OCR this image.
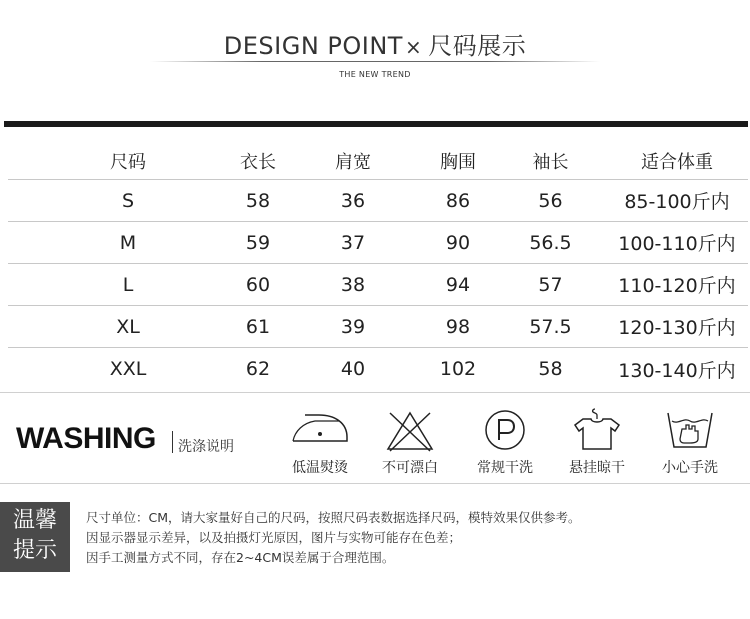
DESIGN POINT × 尺码展示
THE NEW TREND
尺码	衣长	肩宽	胸围	袖长	适合体重
S	58	36	86	56	85-100斤内
M	59	37	90	56.5	100-110斤内
L	60	38	94	57	110-120斤内
XL	61	39	98	57.5	120-130斤内
XXL	62	40	102	58	130-140斤内
WASHING 洗涤说明
低温熨烫	不可漂白	常规干洗	悬挂晾干	小心手洗
温馨
提示
尺寸单位：CM，请大家量好自己的尺码，按照尺码表数据选择尺码，模特效果仅供参考。
因显示器显示差异，以及拍摄灯光原因，图片与实物可能存在色差；
因手工测量方式不同，存在2~4CM误差属于合理范围。
